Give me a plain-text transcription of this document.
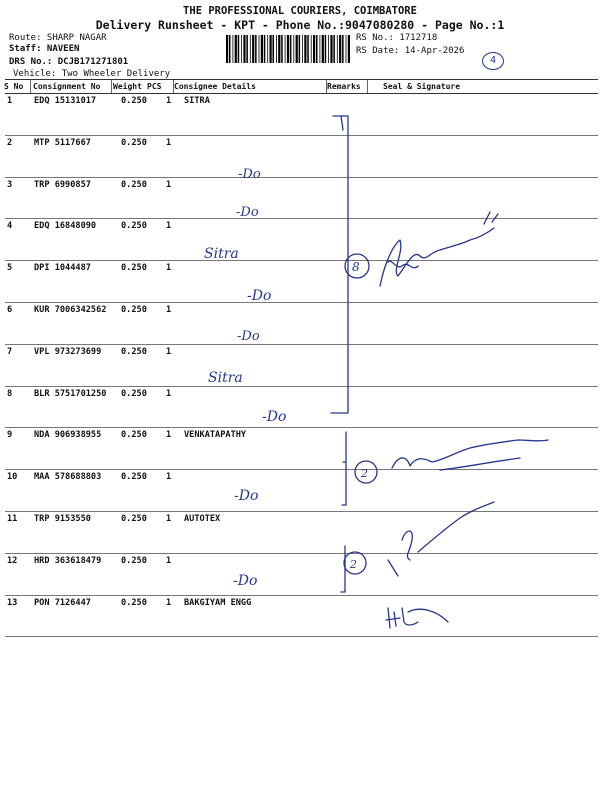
THE PROFESSIONAL COURIERS, COIMBATORE
Delivery Runsheet - KPT - Phone No.:9047080280 - Page No.:1
Route: SHARP NAGAR
Staff: NAVEEN
DRS No.: DCJB171271801
Vehicle: Two Wheeler Delivery
RS No.: 1712718
RS Date: 14-Apr-2026
4
S No Consignment No Weight PCS Consignee Details	Remarks	Seal & Signature
1	EDQ 15131017	0.250 1 SITRA
2	MTP 5117667	0.250 1
3	TRP 6990857	0.250 1
4	EDQ 16848090	0.250 1
5	DPI 1044487	0.250 1
6	KUR 7006342562 0.250 1
7	VPL 973273699 0.250 1
8	BLR 5751701250 0.250 1
9	NDA 906938955 0.250 1 VENKATAPATHY
10 MAA 578688803 0.250 1
11 TRP 9153550	0.250 1 AUTOTEX
12 HRD 363618479 0.250 1
13 PON 7126447	0.250 1 BAKGIYAM ENGG
-Do
-Do
Sitra
-Do
-Do
Sitra
-Do
-Do
-Do
8
2
2
